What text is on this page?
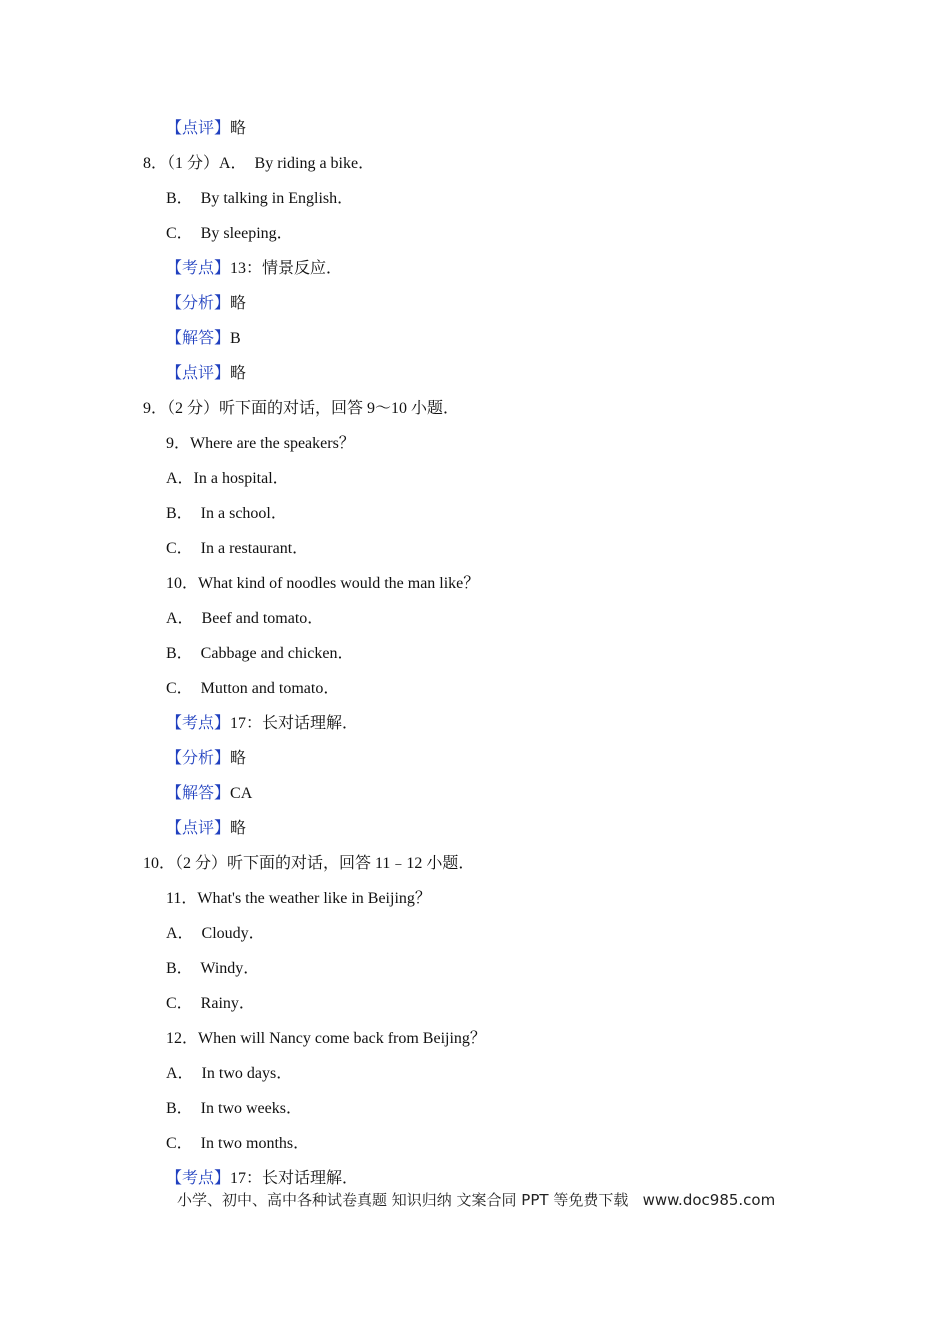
【点评】略
8．（1 分）A．  By riding a bike．
B．  By talking in English．
C．  By sleeping．
【考点】13：情景反应．
【分析】略
【解答】B
【点评】略
9．（2 分）听下面的对话，回答 9～10 小题．
9．Where are the speakers？
A．In a hospital．
B．  In a school．
C．  In a restaurant．
10．What kind of noodles would the man like？
A．  Beef and tomato．
B．  Cabbage and chicken．
C．  Mutton and tomato．
【考点】17：长对话理解．
【分析】略
【解答】CA
【点评】略
10．（2 分）听下面的对话，回答 11﹣12 小题．
11．What's the weather like in Beijing？
A．  Cloudy．
B．  Windy．
C．  Rainy．
12．When will Nancy come back from Beijing？
A．  In two days．
B．  In two weeks．
C．  In two months．
【考点】17：长对话理解．
小学、初中、高中各种试卷真题 知识归纳 文案合同 PPT 等免费下载   www.doc985.com
